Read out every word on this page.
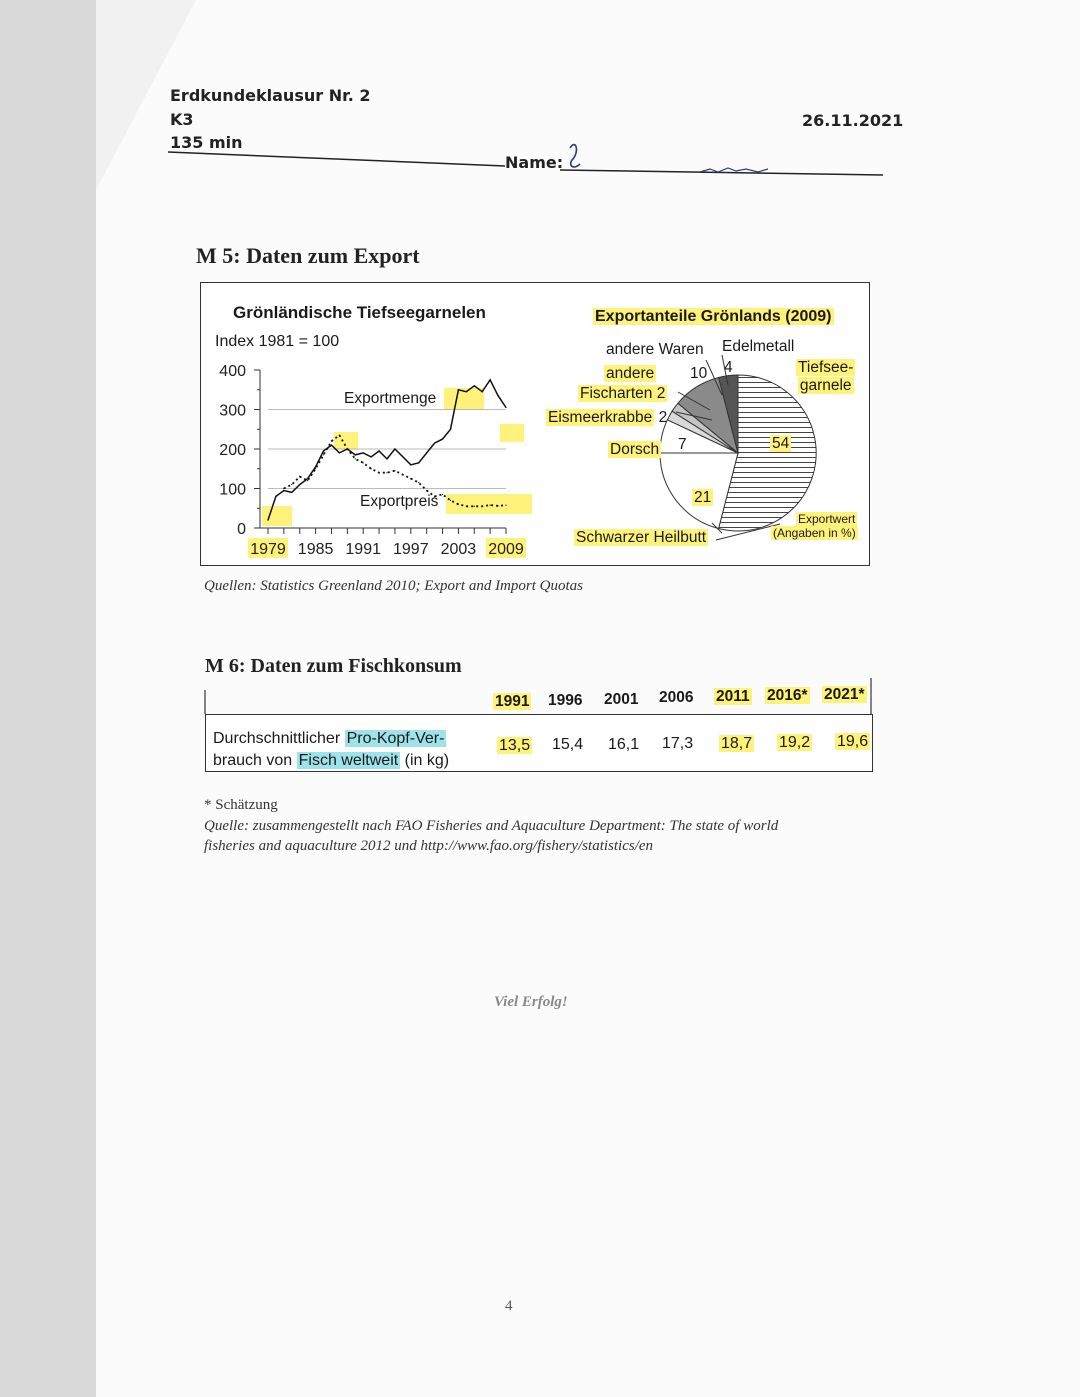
Erdkundeklausur Nr. 2
K3
135 min
26.11.2021
Name:
M 5: Daten zum Export
Grönländische Tiefseegarnelen
Index 1981 = 100
400
300
200
100
0
1979 1985 1991 1997 2003 2009
Exportmenge
Exportpreis
Exportanteile Grönlands (2009)
andere Waren Edelmetall
10 4
andere
Fischarten 2
Eismeerkrabbe 2
Dorsch 7
Tiefsee-
garnele
54
21
Schwarzer Heilbutt
Exportwert
(Angaben in %)
Quellen: Statistics Greenland 2010; Export and Import Quotas
M 6: Daten zum Fischkonsum
1991 1996 2001 2006 2011 2016* 2021*
13,5 15,4 16,1 17,3 18,7 19,2 19,6
Durchschnittlicher Pro-Kopf-Ver-
brauch von Fisch weltweit (in kg)
* Schätzung
Quelle: zusammengestellt nach FAO Fisheries and Aquaculture Department: The state of world
fisheries and aquaculture 2012 und http://www.fao.org/fishery/statistics/en
Viel Erfolg!
4
